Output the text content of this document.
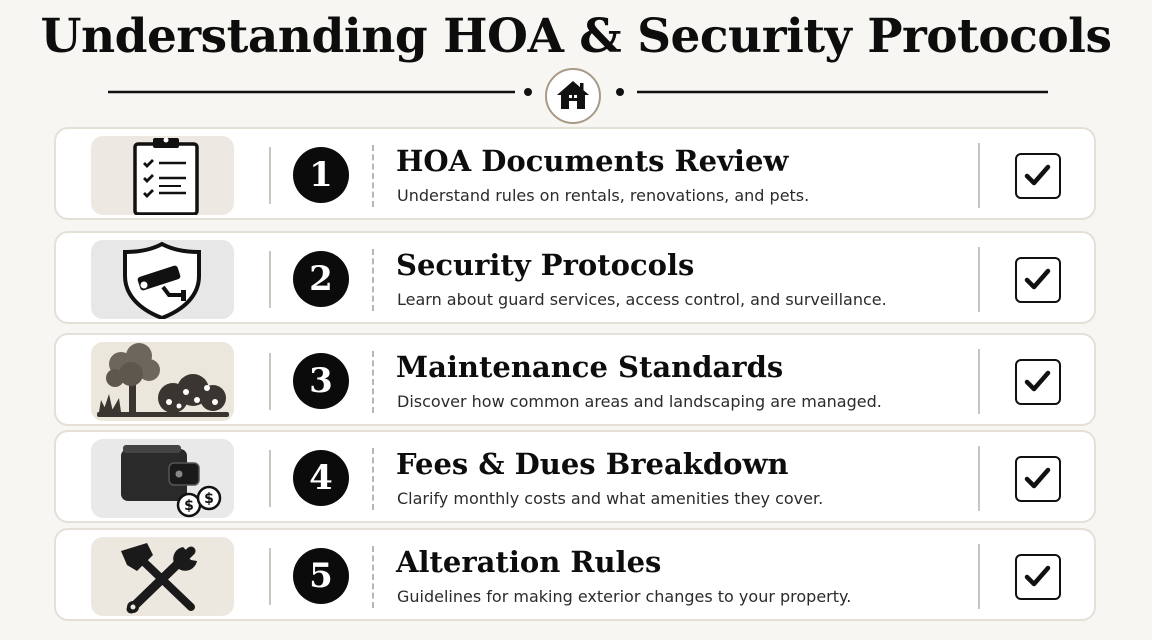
Understanding HOA & Security Protocols
1	HOA Documents Review
Understand rules on rentals, renovations, and pets.
2	Security Protocols
Learn about guard services, access control, and surveillance.
3	Maintenance Standards
Discover how common areas and landscaping are managed.
$ $
4	Fees & Dues Breakdown
Clarify monthly costs and what amenities they cover.
5	Alteration Rules
Guidelines for making exterior changes to your property.
